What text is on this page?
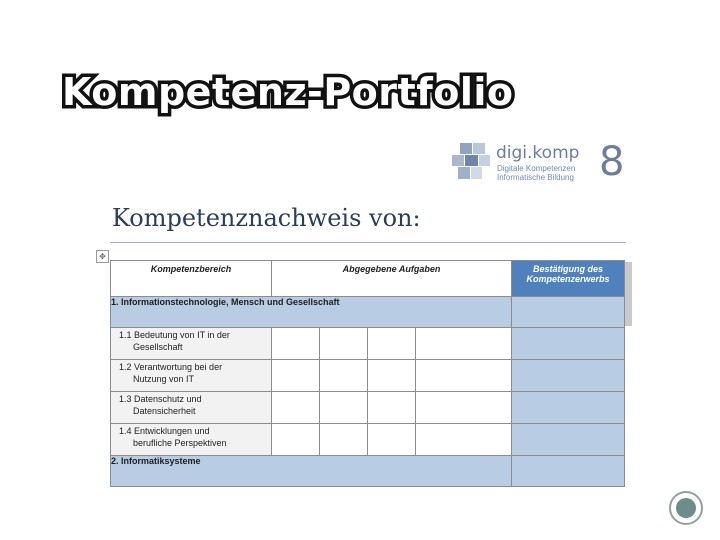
Kompetenz-Portfolio
digi.komp
Digitale Kompetenzen
Informatische Bildung 8
Kompetenznachweis von:
✥
Kompetenzbereich	Abgegebene Aufgaben				Bestätigung des
Kompetenzerwerbs

1. Informationstechnologie, Mensch und Gesellschaft					

1.1 Bedeutung von IT in der
Gesellschaft					

1.2 Verantwortung bei der
Nutzung von IT					

1.3 Datenschutz und
Datensicherheit					

1.4 Entwicklungen und
berufliche Perspektiven					

2. Informatiksysteme					
